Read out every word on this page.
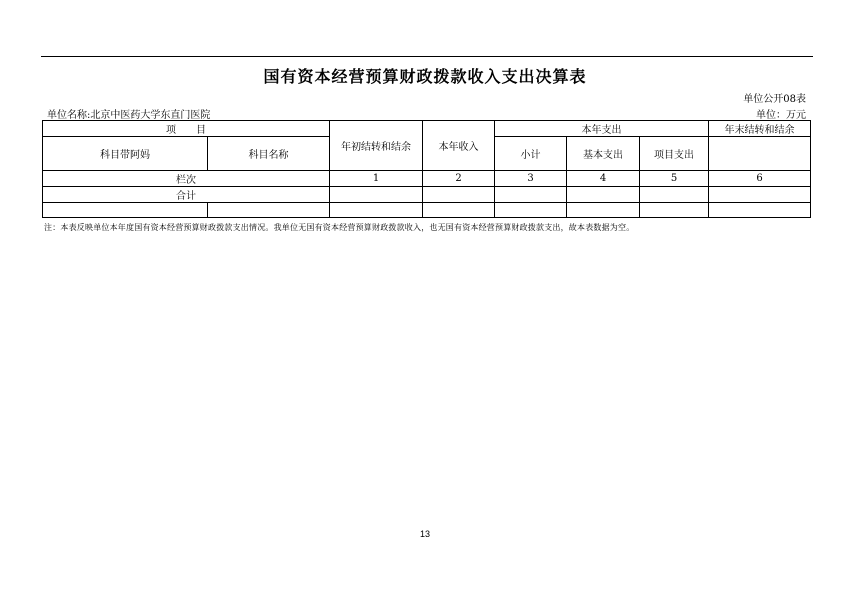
国有资本经营预算财政拨款收入支出决算表
单位公开08表
单位名称:北京中医药大学东直门医院	单位：万元
项　　目		年初结转和结余	本年收入	本年支出			年末结转和结余
科目带阿妈	科目名称			小计	基本支出	项目支出	
栏次		1	2	3	4	5	6
合计							

注：本表反映单位本年度国有资本经营预算财政拨款支出情况。我单位无国有资本经营预算财政拨款收入，也无国有资本经营预算财政拨款支出，故本表数据为空。
13
